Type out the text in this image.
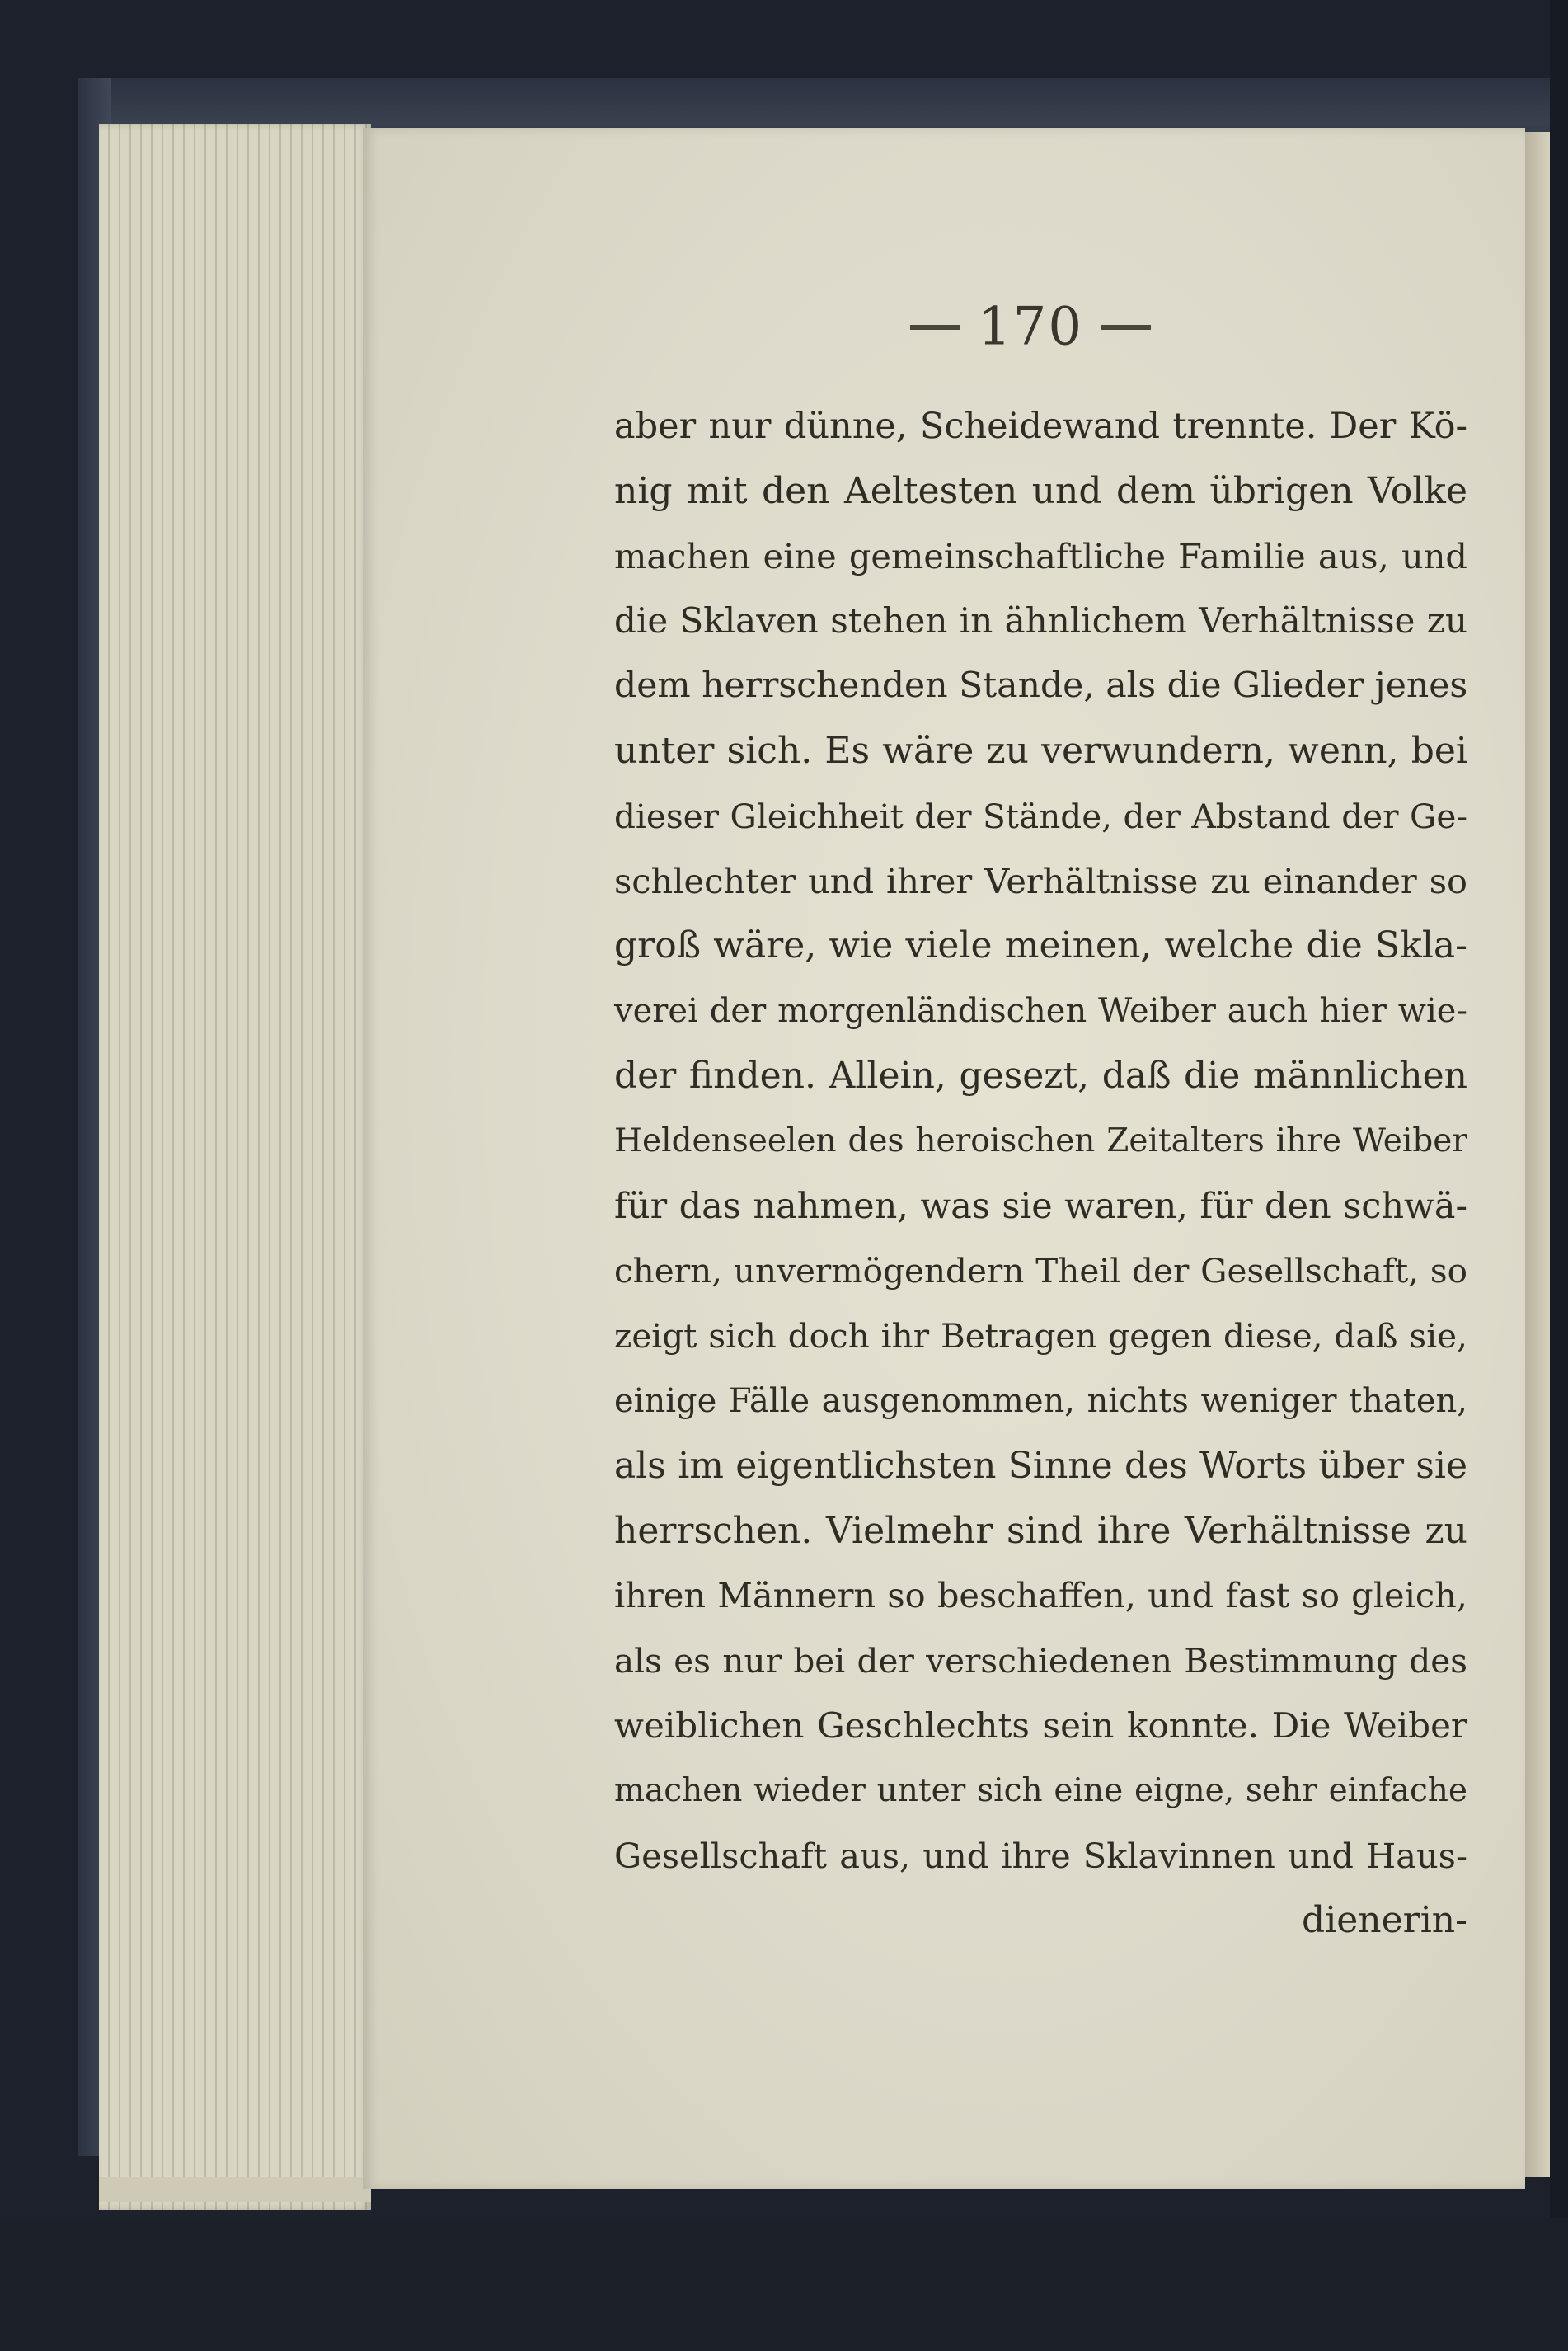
170
aber nur dünne, Scheidewand trennte. Der Kö-
nig mit den Aeltesten und dem übrigen Volke
machen eine gemeinschaftliche Familie aus, und
die Sklaven stehen in ähnlichem Verhältnisse zu
dem herrschenden Stande, als die Glieder jenes
unter sich. Es wäre zu verwundern, wenn, bei
dieser Gleichheit der Stände, der Abstand der Ge-
schlechter und ihrer Verhältnisse zu einander so
groß wäre, wie viele meinen, welche die Skla-
verei der morgenländischen Weiber auch hier wie-
der finden. Allein, gesezt, daß die männlichen
Heldenseelen des heroischen Zeitalters ihre Weiber
für das nahmen, was sie waren, für den schwä-
chern, unvermögendern Theil der Gesellschaft, so
zeigt sich doch ihr Betragen gegen diese, daß sie,
einige Fälle ausgenommen, nichts weniger thaten,
als im eigentlichsten Sinne des Worts über sie
herrschen. Vielmehr sind ihre Verhältnisse zu
ihren Männern so beschaffen, und fast so gleich,
als es nur bei der verschiedenen Bestimmung des
weiblichen Geschlechts sein konnte. Die Weiber
machen wieder unter sich eine eigne, sehr einfache
Gesellschaft aus, und ihre Sklavinnen und Haus-
dienerin-
